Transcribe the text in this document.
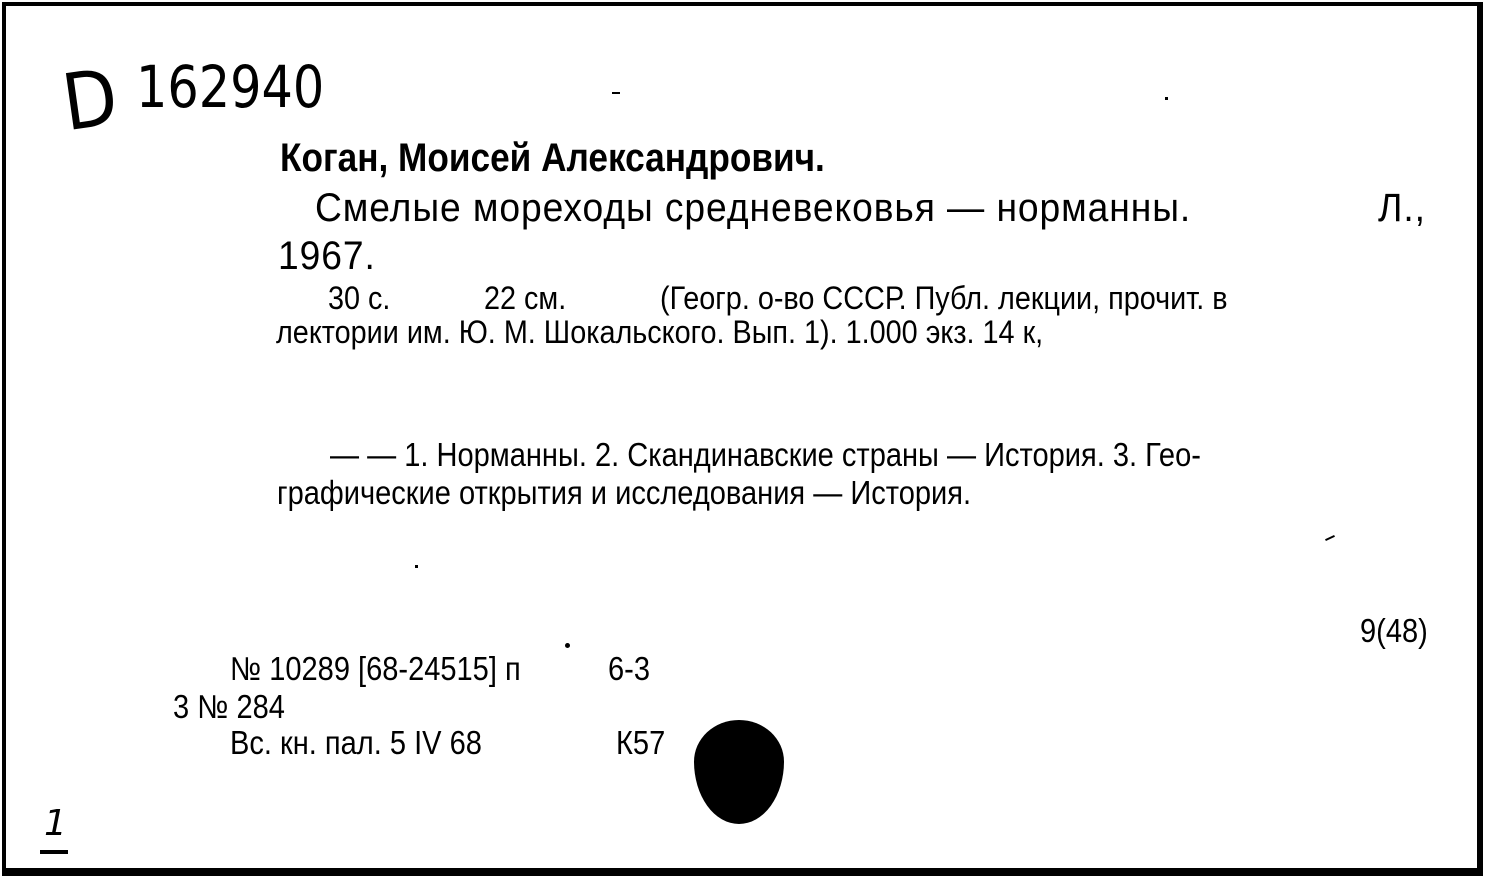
D 162940
Коган, Моисей Александрович.
Смелые мореходы средневековья — норманны.	Л.,
1967.
30 с.	22 см.	(Геогр. о-во СССР. Публ. лекции, прочит. в
лектории им. Ю. М. Шокальского. Вып. 1). 1.000 экз. 14 к,
— — 1. Норманны. 2. Скандинавские страны — История. 3. Гео-
графические открытия и исследования — История.
9(48)
№ 10289 [68-24515] п	6-3
3 № 284
Вс. кн. пал. 5 IV 68	К57
1
